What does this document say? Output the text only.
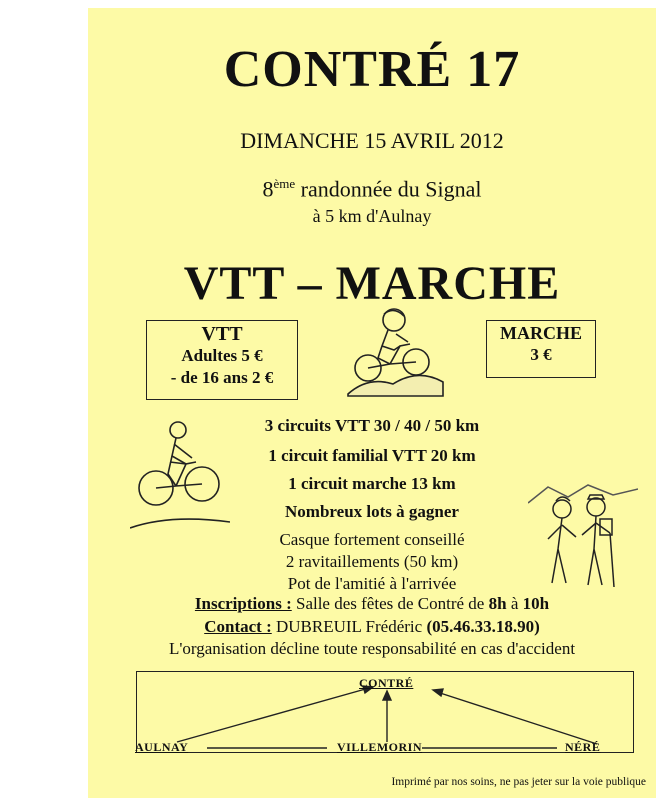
CONTRÉ 17
DIMANCHE 15 AVRIL 2012
8ème randonnée du Signal
à 5 km d'Aulnay
VTT – MARCHE
VTT
Adultes 5 €
- de 16 ans 2 €
MARCHE
3 €
3 circuits VTT 30 / 40 / 50 km
1 circuit familial VTT 20 km
1 circuit marche 13 km
Nombreux lots à gagner
Casque fortement conseillé
2 ravitaillements (50 km)
Pot de l'amitié à l'arrivée
Inscriptions : Salle des fêtes de Contré de 8h à 10h
Contact : DUBREUIL Frédéric (05.46.33.18.90)
L'organisation décline toute responsabilité en cas d'accident
CONTRÉ
AULNAY	VILLEMORIN	NÉRÉ
Imprimé par nos soins, ne pas jeter sur la voie publique
